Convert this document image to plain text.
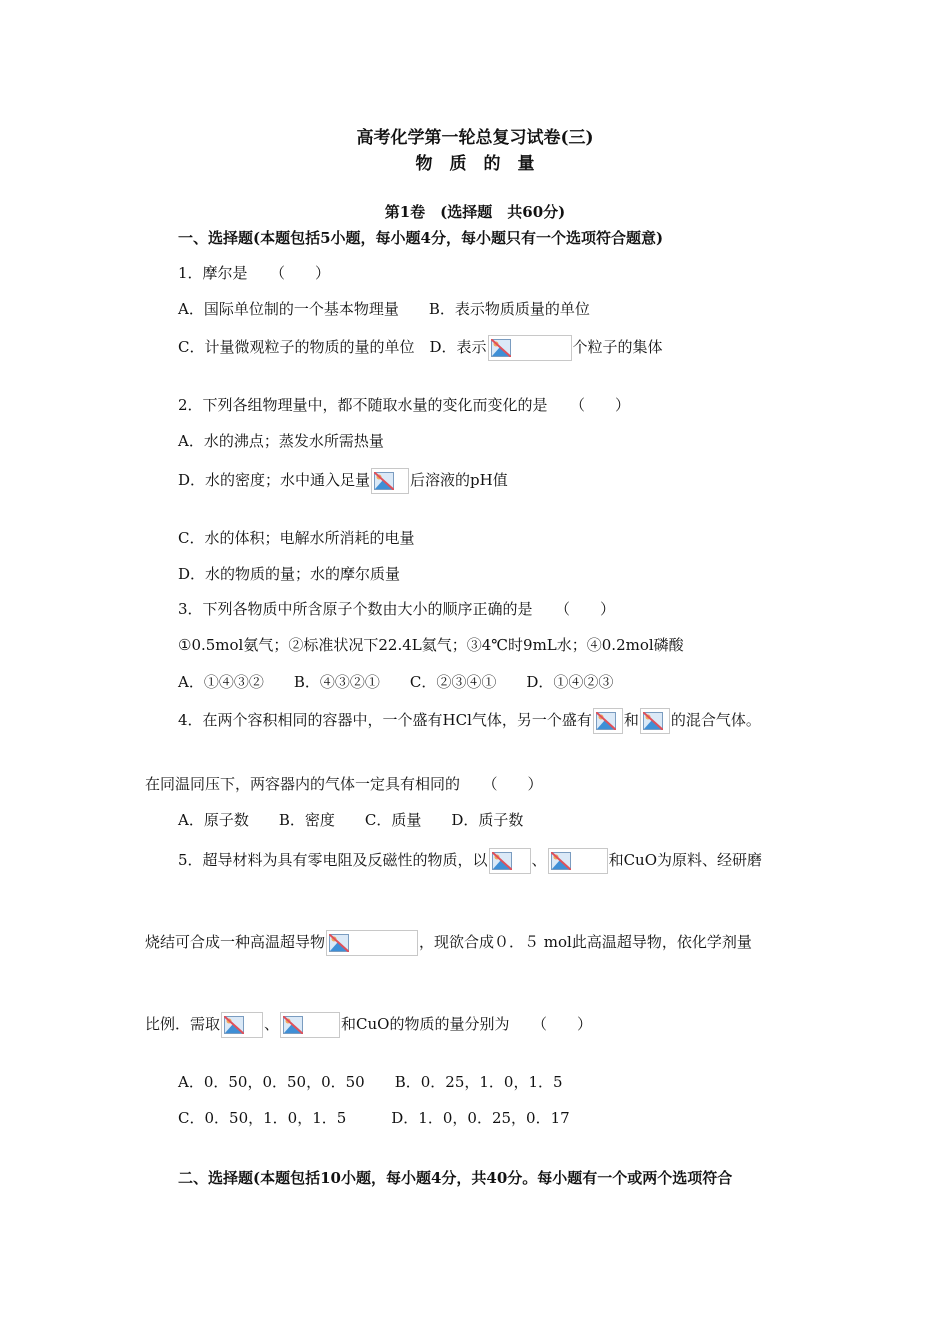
高考化学第一轮总复习试卷(三)
物　质　的　量
第1卷　(选择题　共60分)
一、选择题(本题包括5小题，每小题4分，每小题只有一个选项符合题意)
1．摩尔是　　（　　）
A．国际单位制的一个基本物理量　　B．表示物质质量的单位
C．计量微观粒子的物质的量的单位　D．表示	个粒子的集体
2．下列各组物理量中，都不随取水量的变化而变化的是　　（　　）
A．水的沸点；蒸发水所需热量
D．水的密度；水中通入足量	后溶液的pH值
C．水的体积；电解水所消耗的电量
D．水的物质的量；水的摩尔质量
3．下列各物质中所含原子个数由大小的顺序正确的是　　（　　）
①0.5mol氨气；②标准状况下22.4L氦气；③4℃时9mL水；④0.2mol磷酸
A．①④③②　　B．④③②①　　C．②③④①　　D．①④②③
4．在两个容积相同的容器中，一个盛有HCl气体，另一个盛有 和 的混合气体。
在同温同压下，两容器内的气体一定具有相同的　　（　　）
A．原子数　　B．密度　　C．质量　　D．质子数
5．超导材料为具有零电阻及反磁性的物质，以	、	和CuO为原料、经研磨
烧结可合成一种高温超导物	，现欲合成０．５ mol此高温超导物，依化学剂量
比例．需取	、	和CuO的物质的量分别为　　（　　）
A．0．50，0．50，0．50　　B．0．25，1．0，1．5
C．0．50，1．0，1．5　　　D．1．0，0．25，0．17
二、选择题(本题包括10小题，每小题4分，共40分。每小题有一个或两个选项符合
